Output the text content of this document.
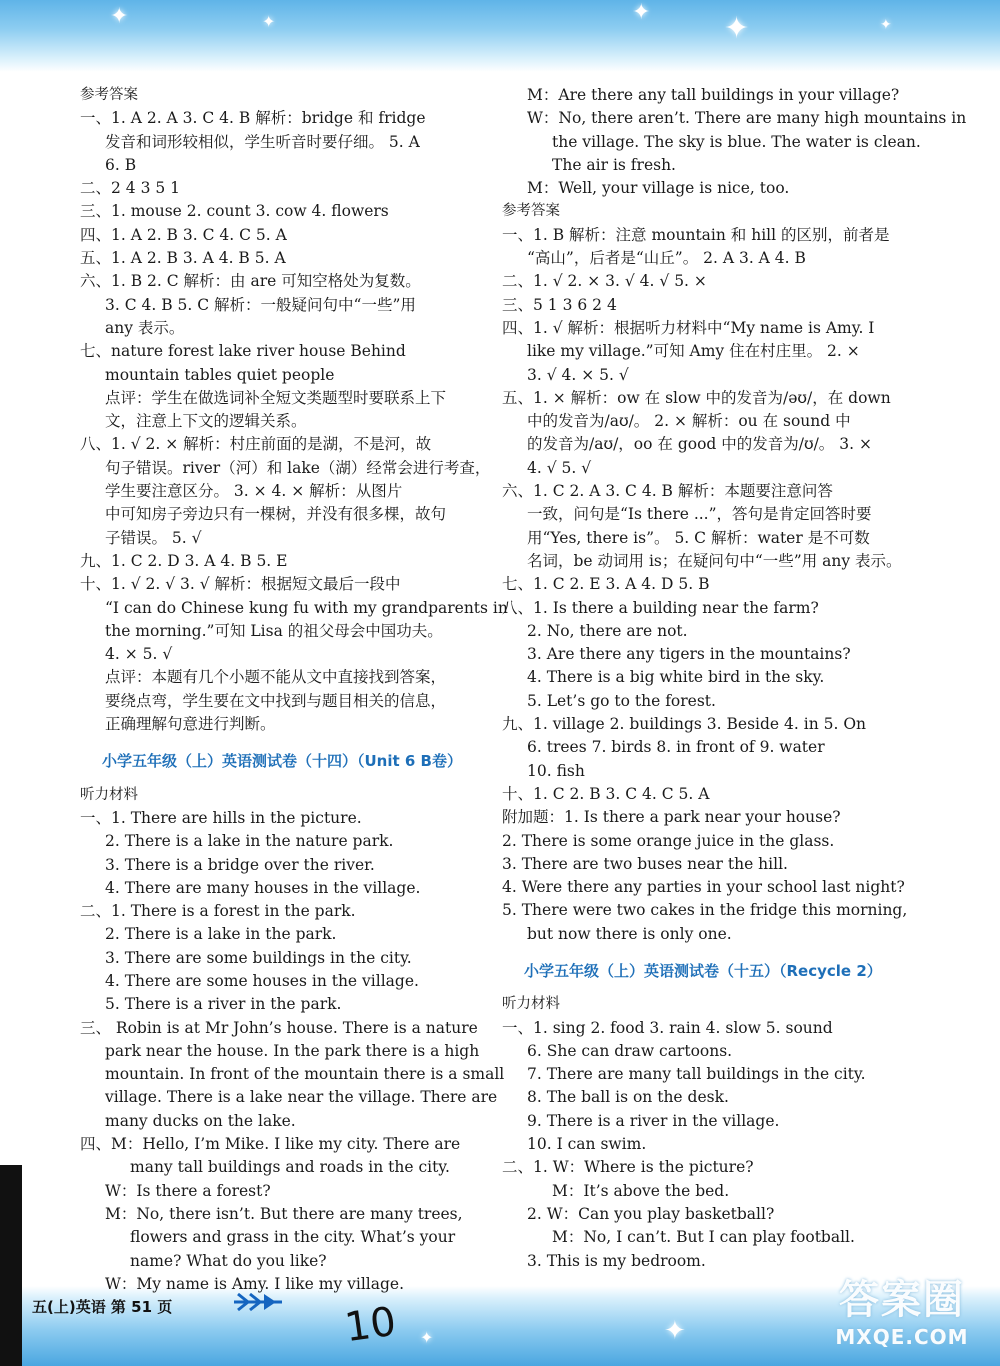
✦	✦	✦ ✦	✦
✦	✦
参考答案
一、1. A 2. A 3. C 4. B 解析：bridge 和 fridge
发音和词形较相似，学生听音时要仔细。 5. A
6. B
二、2 4 3 5 1
三、1. mouse 2. count 3. cow 4. flowers
四、1. A 2. B 3. C 4. C 5. A
五、1. A 2. B 3. A 4. B 5. A
六、1. B 2. C 解析：由 are 可知空格处为复数。
3. C 4. B 5. C 解析：一般疑问句中“一些”用
any 表示。
七、nature forest lake river house Behind
mountain tables quiet people
点评：学生在做选词补全短文类题型时要联系上下
文，注意上下文的逻辑关系。
八、1. √ 2. × 解析：村庄前面的是湖，不是河，故
句子错误。river（河）和 lake（湖）经常会进行考查，
学生要注意区分。 3. × 4. × 解析：从图片
中可知房子旁边只有一棵树，并没有很多棵，故句
子错误。 5. √
九、1. C 2. D 3. A 4. B 5. E
十、1. √ 2. √ 3. √ 解析：根据短文最后一段中
“I can do Chinese kung fu with my grandparents in
the morning.”可知 Lisa 的祖父母会中国功夫。
4. × 5. √
点评：本题有几个小题不能从文中直接找到答案，
要绕点弯，学生要在文中找到与题目相关的信息，
正确理解句意进行判断。
小学五年级（上）英语测试卷（十四）（Unit 6 B卷）
听力材料
一、1. There are hills in the picture.
2. There is a lake in the nature park.
3. There is a bridge over the river.
4. There are many houses in the village.
二、1. There is a forest in the park.
2. There is a lake in the park.
3. There are some buildings in the city.
4. There are some houses in the village.
5. There is a river in the park.
三、 Robin is at Mr John’s house. There is a nature
park near the house. In the park there is a high
mountain. In front of the mountain there is a small
village. There is a lake near the village. There are
many ducks on the lake.
四、M：Hello, I’m Mike. I like my city. There are
many tall buildings and roads in the city.
W：Is there a forest?
M：No, there isn’t. But there are many trees,
flowers and grass in the city. What’s your
name? What do you like?
W：My name is Amy. I like my village.
M：Are there any tall buildings in your village?
W：No, there aren’t. There are many high mountains in
the village. The sky is blue. The water is clean.
The air is fresh.
M：Well, your village is nice, too.
参考答案
一、1. B 解析：注意 mountain 和 hill 的区别，前者是
“高山”，后者是“山丘”。 2. A 3. A 4. B
二、1. √ 2. × 3. √ 4. √ 5. ×
三、5 1 3 6 2 4
四、1. √ 解析：根据听力材料中“My name is Amy. I
like my village.”可知 Amy 住在村庄里。 2. ×
3. √ 4. × 5. √
五、1. × 解析：ow 在 slow 中的发音为/əʊ/，在 down
中的发音为/aʊ/。 2. × 解析：ou 在 sound 中
的发音为/aʊ/，oo 在 good 中的发音为/ʊ/。 3. ×
4. √ 5. √
六、1. C 2. A 3. C 4. B 解析：本题要注意问答
一致，问句是“Is there ...”，答句是肯定回答时要
用“Yes, there is”。 5. C 解析：water 是不可数
名词，be 动词用 is；在疑问句中“一些”用 any 表示。
七、1. C 2. E 3. A 4. D 5. B
八、1. Is there a building near the farm?
2. No, there are not.
3. Are there any tigers in the mountains?
4. There is a big white bird in the sky.
5. Let’s go to the forest.
九、1. village 2. buildings 3. Beside 4. in 5. On
6. trees 7. birds 8. in front of 9. water
10. fish
十、1. C 2. B 3. C 4. C 5. A
附加题：1. Is there a park near your house?
2. There is some orange juice in the glass.
3. There are two buses near the hill.
4. Were there any parties in your school last night?
5. There were two cakes in the fridge this morning,
but now there is only one.
小学五年级（上）英语测试卷（十五）（Recycle 2）
听力材料
一、1. sing 2. food 3. rain 4. slow 5. sound
6. She can draw cartoons.
7. There are many tall buildings in the city.
8. The ball is on the desk.
9. There is a river in the village.
10. I can swim.
二、1. W：Where is the picture?
M：It’s above the bed.
2. W：Can you play basketball?
M：No, I can’t. But I can play football.
3. This is my bedroom.
五(上)英语 第 51 页	10	答案圈
MXQE.COM
